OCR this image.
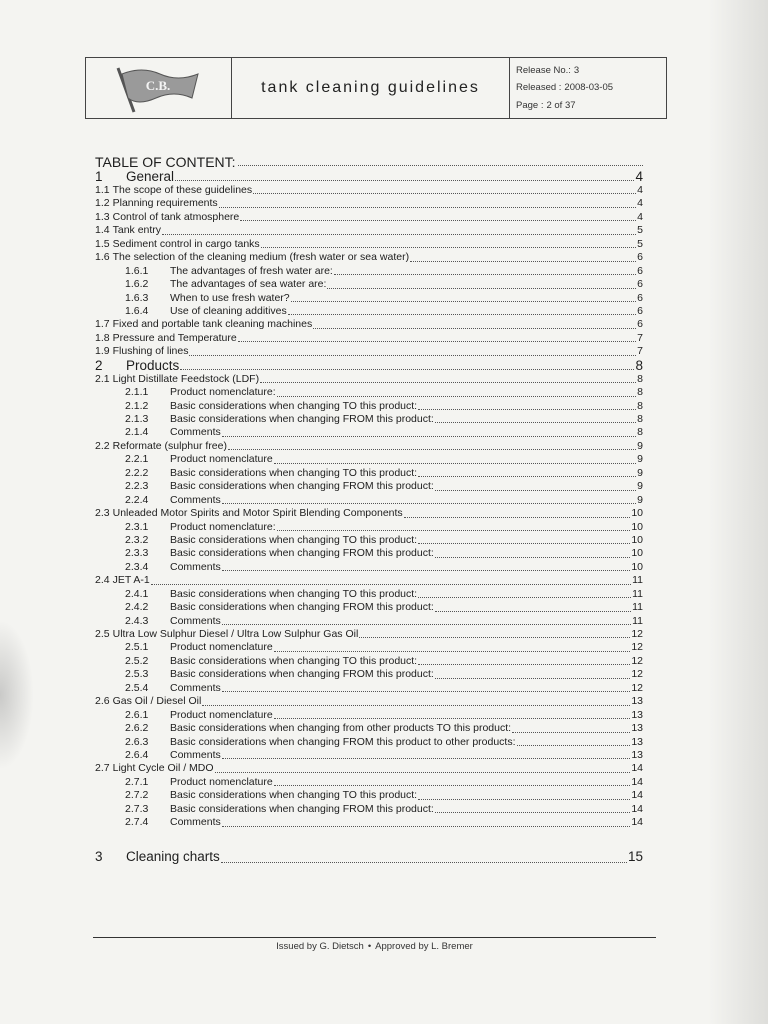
C.B.	tank cleaning guidelines
Release No.: 3
Released : 2008-03-05
Page : 2 of 37
TABLE OF CONTENT:
1	General	4
1.1 The scope of these guidelines	4
1.2 Planning requirements	4
1.3 Control of tank atmosphere	4
1.4 Tank entry	5
1.5 Sediment control in cargo tanks	5
1.6 The selection of the cleaning medium (fresh water or sea water)	6
1.6.1	The advantages of fresh water are:	6
1.6.2	The advantages of sea water are:	6
1.6.3	When to use fresh water?	6
1.6.4	Use of cleaning additives	6
1.7 Fixed and portable tank cleaning machines	6
1.8 Pressure and Temperature	7
1.9 Flushing of lines	7
2	Products	8
2.1 Light Distillate Feedstock (LDF)	8
2.1.1	Product nomenclature:	8
2.1.2	Basic considerations when changing TO this product:	8
2.1.3	Basic considerations when changing FROM this product:	8
2.1.4	Comments	8
2.2 Reformate (sulphur free)	9
2.2.1	Product nomenclature	9
2.2.2	Basic considerations when changing TO this product:	9
2.2.3	Basic considerations when changing FROM this product:	9
2.2.4	Comments	9
2.3 Unleaded Motor Spirits and Motor Spirit Blending Components	10
2.3.1	Product nomenclature:	10
2.3.2	Basic considerations when changing TO this product:	10
2.3.3	Basic considerations when changing FROM this product:	10
2.3.4	Comments	10
2.4 JET A-1	11
2.4.1	Basic considerations when changing TO this product:	11
2.4.2	Basic considerations when changing FROM this product:	11
2.4.3	Comments	11
2.5 Ultra Low Sulphur Diesel / Ultra Low Sulphur Gas Oil	12
2.5.1	Product nomenclature	12
2.5.2	Basic considerations when changing TO this product:	12
2.5.3	Basic considerations when changing FROM this product:	12
2.5.4	Comments	12
2.6 Gas Oil / Diesel Oil	13
2.6.1	Product nomenclature	13
2.6.2	Basic considerations when changing from other products TO this product:	13
2.6.3	Basic considerations when changing FROM this product to other products:	13
2.6.4	Comments	13
2.7 Light Cycle Oil / MDO	14
2.7.1	Product nomenclature	14
2.7.2	Basic considerations when changing TO this product:	14
2.7.3	Basic considerations when changing FROM this product:	14
2.7.4	Comments	14
3	Cleaning charts	15
Issued by G. Dietsch • Approved by L. Bremer
